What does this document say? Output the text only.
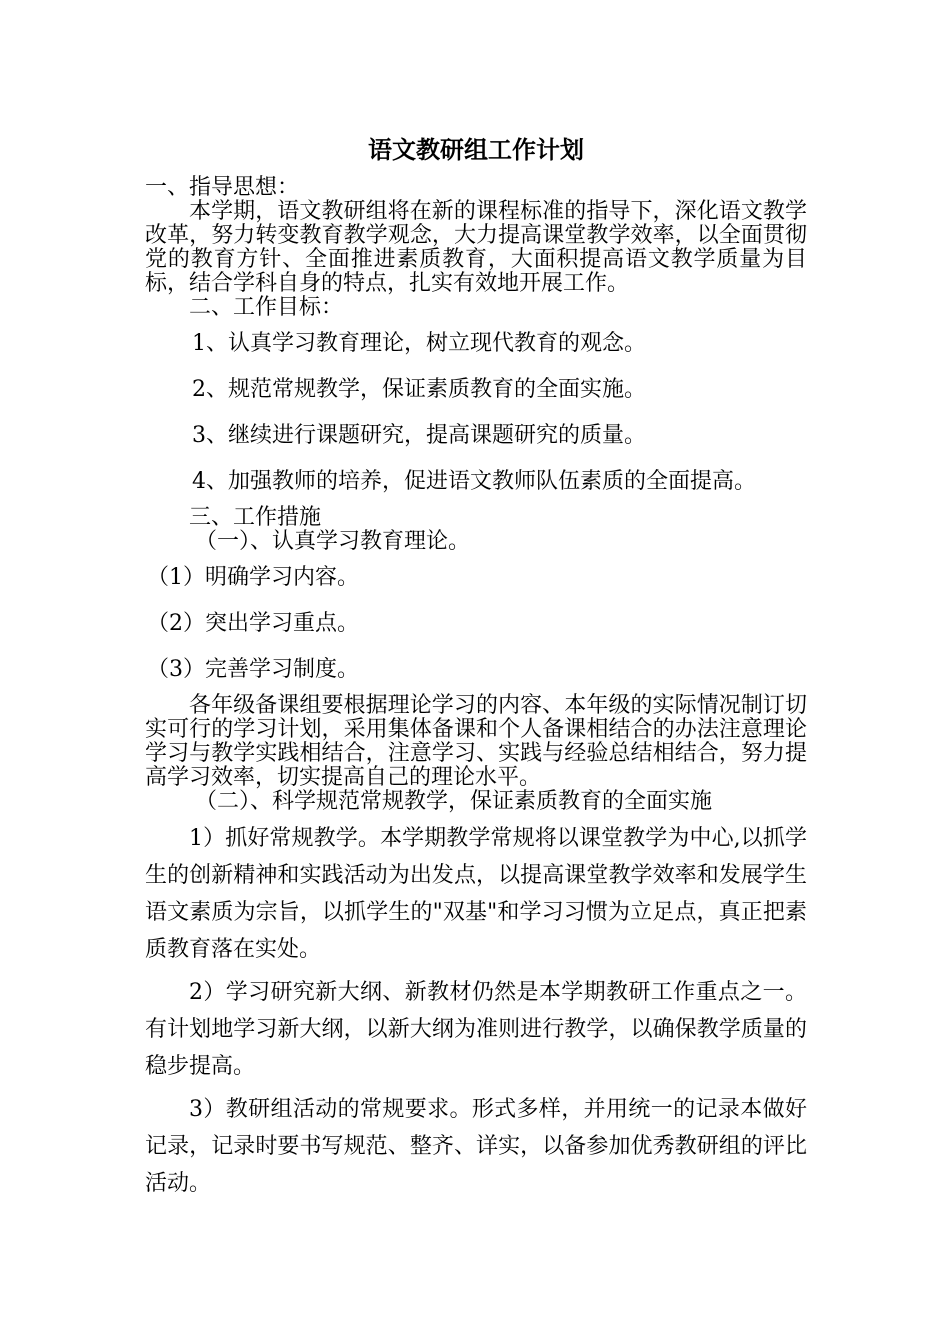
语文教研组工作计划

一、指导思想：

本学期，语文教研组将在新的课程标准的指导下，深化语文教学改革，努力转变教育教学观念，大力提高课堂教学效率，以全面贯彻党的教育方针、全面推进素质教育，大面积提高语文教学质量为目标，结合学科自身的特点，扎实有效地开展工作。

二、工作目标：

1、认真学习教育理论，树立现代教育的观念。

2、规范常规教学，保证素质教育的全面实施。

3、继续进行课题研究，提高课题研究的质量。

4、加强教师的培养，促进语文教师队伍素质的全面提高。

三、工作措施

（一）、认真学习教育理论。

（1）明确学习内容。

（2）突出学习重点。

（3）完善学习制度。

各年级备课组要根据理论学习的内容、本年级的实际情况制订切实可行的学习计划，采用集体备课和个人备课相结合的办法注意理论学习与教学实践相结合，注意学习、实践与经验总结相结合，努力提高学习效率，切实提高自己的理论水平。

（二）、科学规范常规教学，保证素质教育的全面实施

1）抓好常规教学。本学期教学常规将以课堂教学为中心,以抓学生的创新精神和实践活动为出发点，以提高课堂教学效率和发展学生语文素质为宗旨，以抓学生的"双基"和学习习惯为立足点，真正把素质教育落在实处。

2）学习研究新大纲、新教材仍然是本学期教研工作重点之一。有计划地学习新大纲，以新大纲为准则进行教学，以确保教学质量的稳步提高。

3）教研组活动的常规要求。形式多样，并用统一的记录本做好记录，记录时要书写规范、整齐、详实，以备参加优秀教研组的评比活动。
